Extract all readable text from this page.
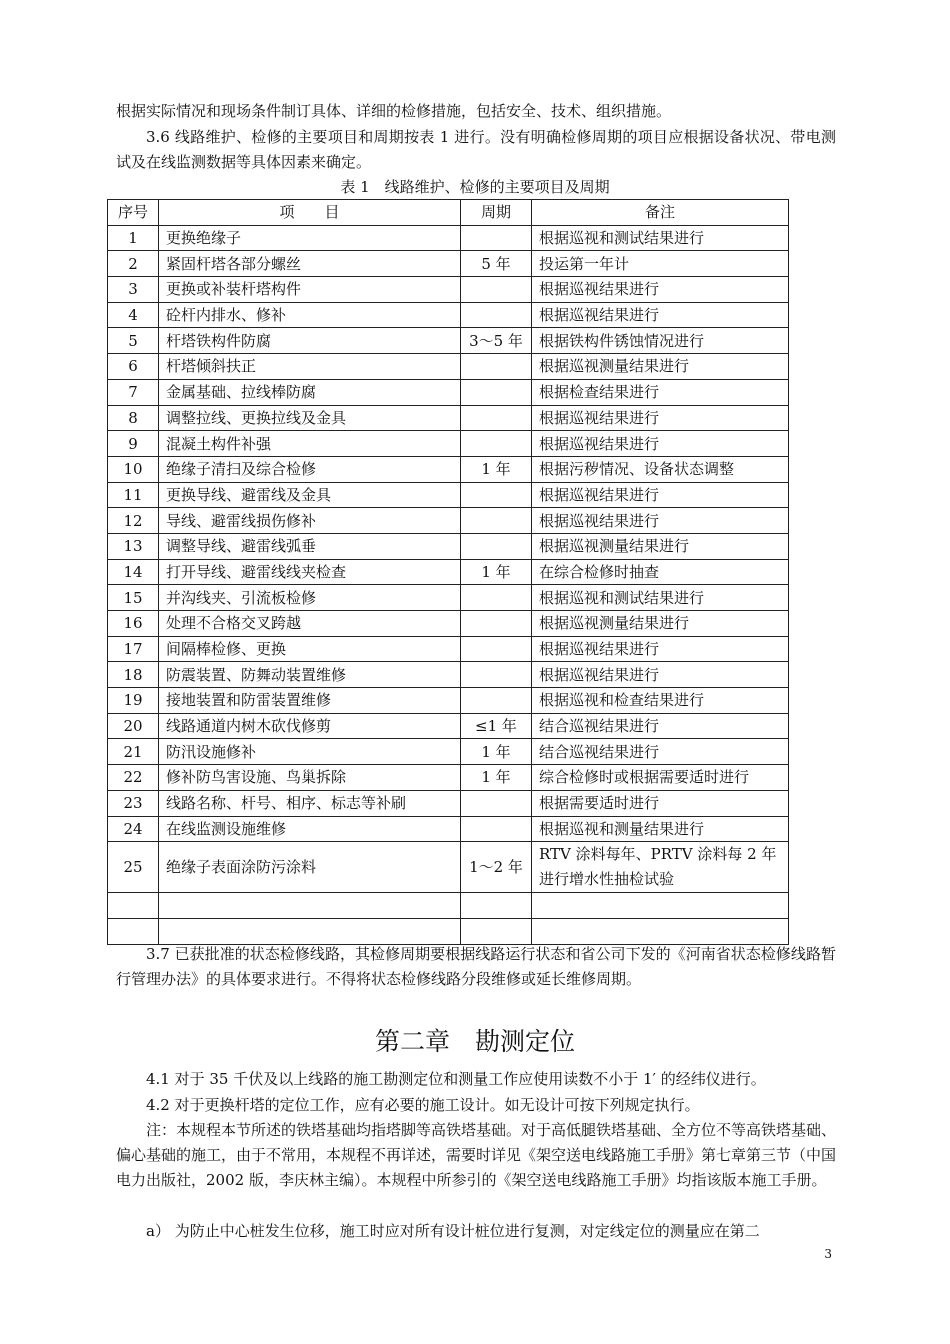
根据实际情况和现场条件制订具体、详细的检修措施，包括安全、技术、组织措施。

3.6 线路维护、检修的主要项目和周期按表 1 进行。没有明确检修周期的项目应根据设备状况、带电测试及在线监测数据等具体因素来确定。

表 1　线路维护、检修的主要项目及周期
序号	项　　目	周期	备注
1	更换绝缘子		根据巡视和测试结果进行
2	紧固杆塔各部分螺丝	5 年	投运第一年计
3	更换或补装杆塔构件		根据巡视结果进行
4	砼杆内排水、修补		根据巡视结果进行
5	杆塔铁构件防腐	3～5 年	根据铁构件锈蚀情况进行
6	杆塔倾斜扶正		根据巡视测量结果进行
7	金属基础、拉线棒防腐		根据检查结果进行
8	调整拉线、更换拉线及金具		根据巡视结果进行
9	混凝土构件补强		根据巡视结果进行
10	绝缘子清扫及综合检修	1 年	根据污秽情况、设备状态调整
11	更换导线、避雷线及金具		根据巡视结果进行
12	导线、避雷线损伤修补		根据巡视结果进行
13	调整导线、避雷线弧垂		根据巡视测量结果进行
14	打开导线、避雷线线夹检查	1 年	在综合检修时抽查
15	并沟线夹、引流板检修		根据巡视和测试结果进行
16	处理不合格交叉跨越		根据巡视测量结果进行
17	间隔棒检修、更换		根据巡视结果进行
18	防震装置、防舞动装置维修		根据巡视结果进行
19	接地装置和防雷装置维修		根据巡视和检查结果进行
20	线路通道内树木砍伐修剪	≤1 年	结合巡视结果进行
21	防汛设施修补	1 年	结合巡视结果进行
22	修补防鸟害设施、鸟巢拆除	1 年	综合检修时或根据需要适时进行
23	线路名称、杆号、相序、标志等补刷		根据需要适时进行
24	在线监测设施维修		根据巡视和测量结果进行
25	绝缘子表面涂防污涂料	1～2 年	RTV 涂料每年、PRTV 涂料每 2 年进行增水性抽检试验

3.7 已获批准的状态检修线路，其检修周期要根据线路运行状态和省公司下发的《河南省状态检修线路暂行管理办法》的具体要求进行。不得将状态检修线路分段维修或延长维修周期。

第二章　勘测定位

4.1 对于 35 千伏及以上线路的施工勘测定位和测量工作应使用读数不小于 1′ 的经纬仪进行。

4.2 对于更换杆塔的定位工作，应有必要的施工设计。如无设计可按下列规定执行。

注：本规程本节所述的铁塔基础均指塔脚等高铁塔基础。对于高低腿铁塔基础、全方位不等高铁塔基础、偏心基础的施工，由于不常用，本规程不再详述，需要时详见《架空送电线路施工手册》第七章第三节（中国电力出版社，2002 版，李庆林主编）。本规程中所参引的《架空送电线路施工手册》均指该版本施工手册。

a） 为防止中心桩发生位移，施工时应对所有设计桩位进行复测，对定线定位的测量应在第二

3
